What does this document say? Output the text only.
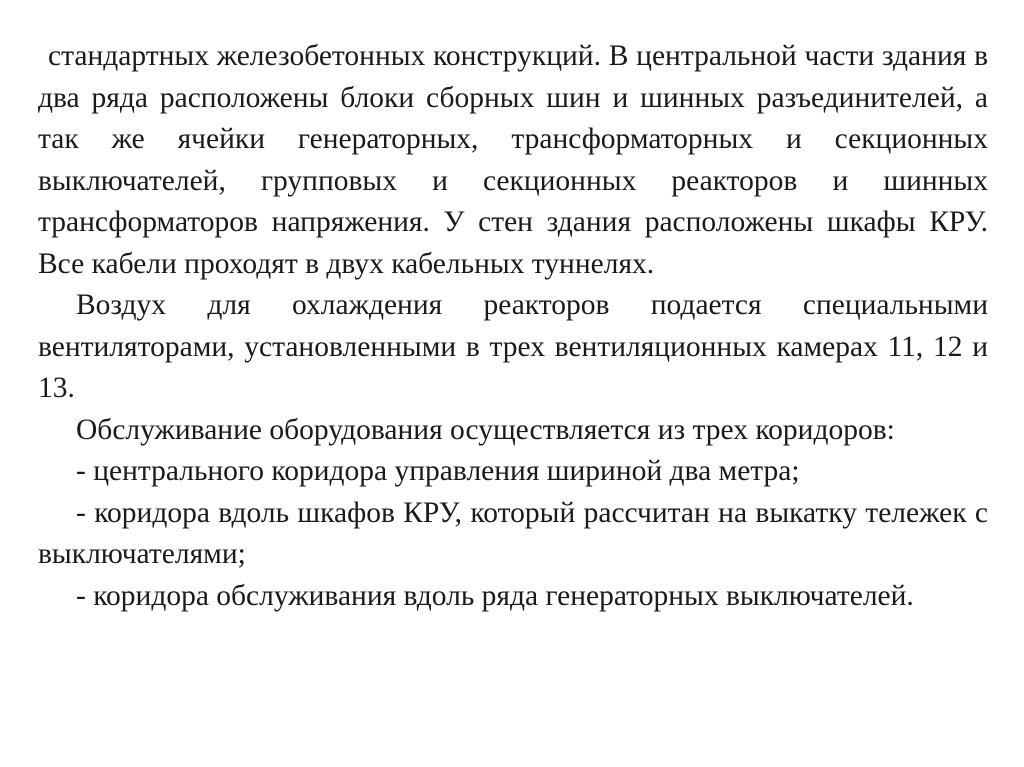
стандартных железобетонных конструкций. В центральной части здания в два ряда расположены блоки сборных шин и шинных разъединителей, а так же ячейки генераторных, трансформаторных и секционных выключателей, групповых и секционных реакторов и шинных трансформаторов напряжения. У стен здания расположены шкафы КРУ. Все кабели проходят в двух кабельных туннелях.

Воздух для охлаждения реакторов подается специальными вентиляторами, установленными в трех вентиляционных камерах 11, 12 и 13.

Обслуживание оборудования осуществляется из трех коридоров:

- центрального коридора управления шириной два метра;

- коридора вдоль шкафов КРУ, который рассчитан на выкатку тележек с выключателями;

- коридора обслуживания вдоль ряда генераторных выключателей.
